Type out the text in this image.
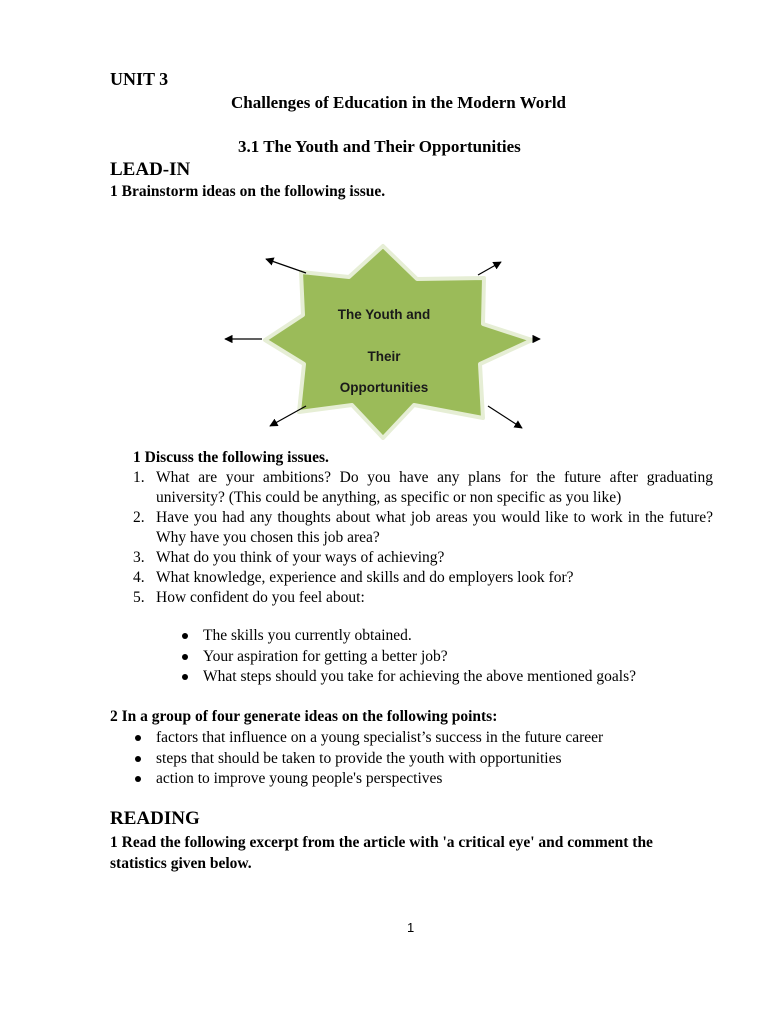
UNIT 3
Challenges of Education in the Modern World
3.1 The Youth and Their Opportunities
LEAD-IN
1 Brainstorm ideas on the following issue.
The Youth and
Their
Opportunities
1 Discuss the following issues.
1. What are your ambitions? Do you have any plans for the future after graduating university? (This could be anything, as specific or non specific as you like)
2. Have you had any thoughts about what job areas you would like to work in the future? Why have you chosen this job area?
3. What do you think of your ways of achieving?
4. What knowledge, experience and skills and do employers look for?
5. How confident do you feel about:
The skills you currently obtained.
Your aspiration for getting a better job?
What steps should you take for achieving the above mentioned goals?
2 In a group of four generate ideas on the following points:
factors that influence on a young specialist’s success in the future career
steps that should be taken to provide the youth with opportunities
action to improve young people's perspectives
READING
1 Read the following excerpt from the article with 'a critical eye' and comment the statistics given below.
1
